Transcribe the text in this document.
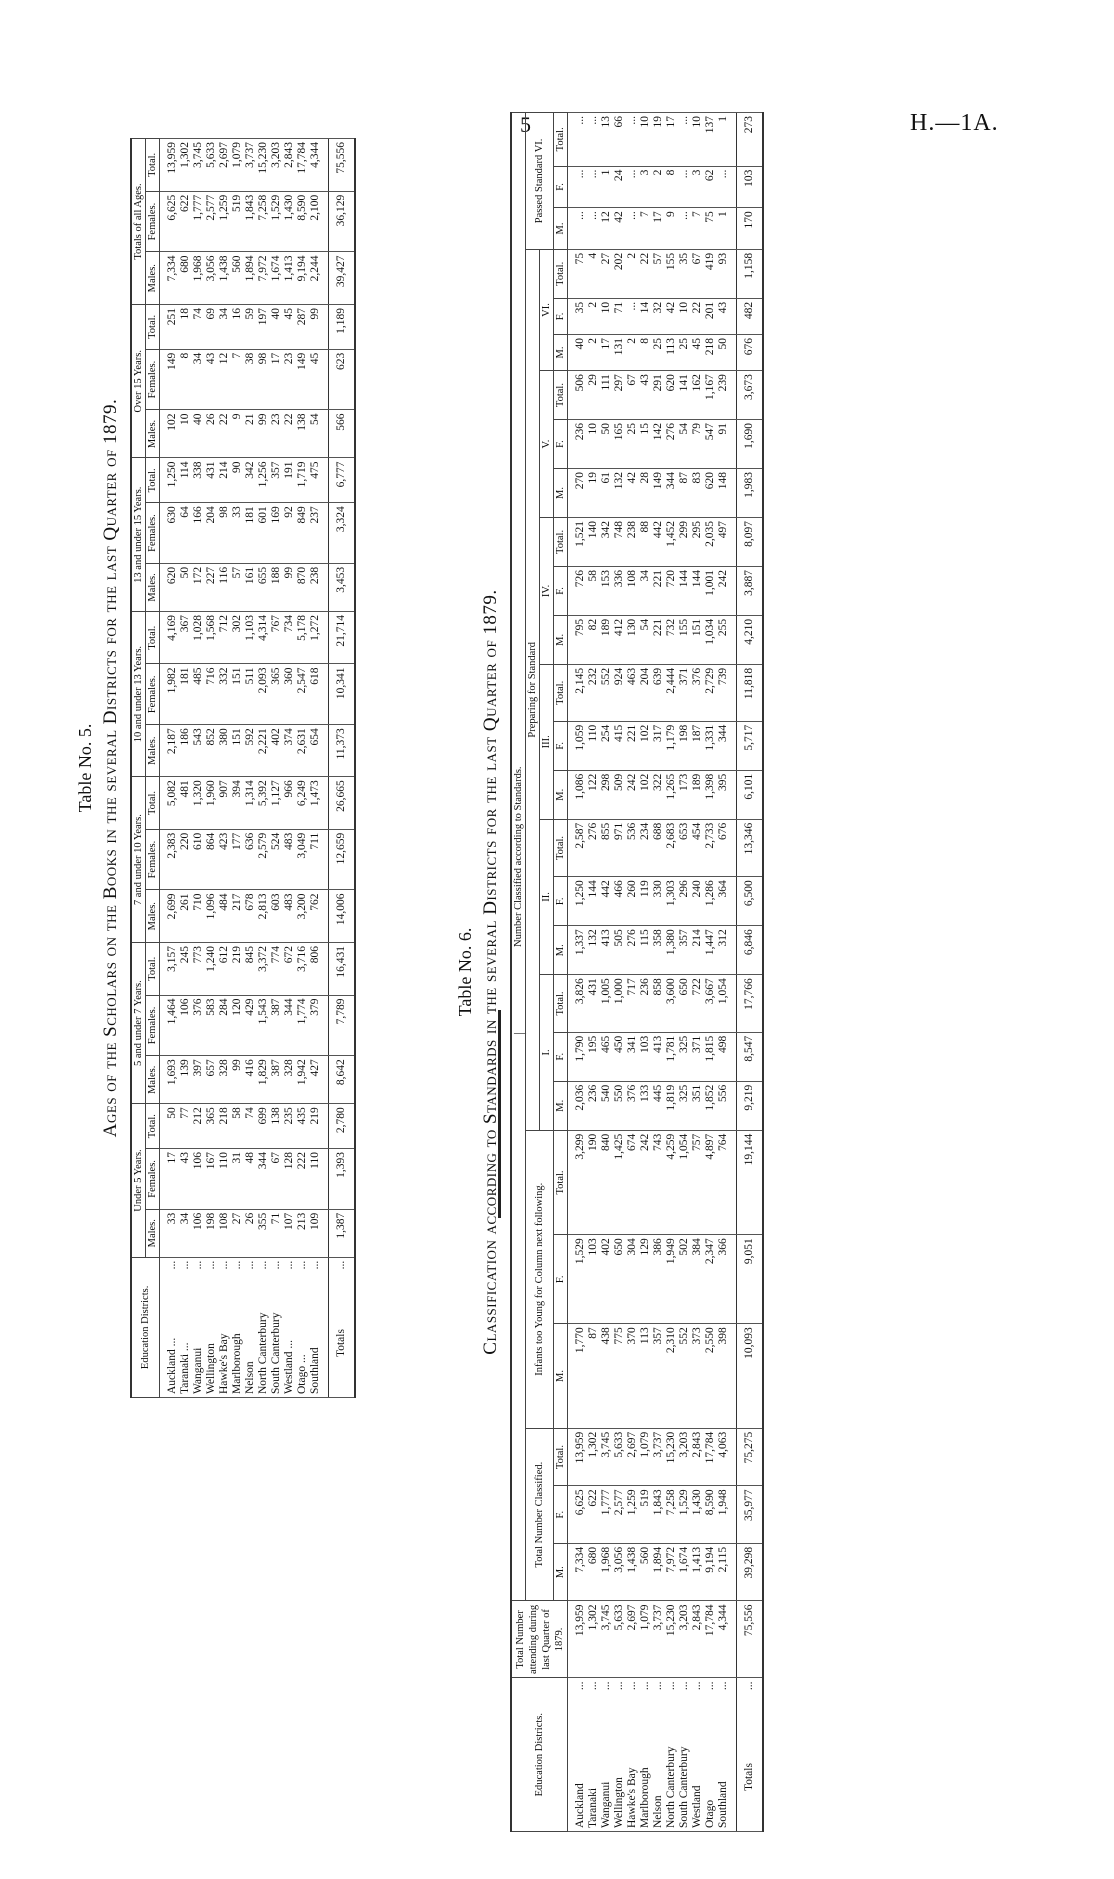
5	H.—1A.
Table No. 5. Ages of the Scholars on the Books in the several Districts for the last Quarter of 1879.
Education Districts.		Under 5 Years.			5 and under 7 Years.			7 and under 10 Years.			10 and under 13 Years.			13 and under 15 Years.			Over 15 Years.			Totals of all Ages.		
		Males.	Females.	Total.	Males.	Females.	Total.	Males.	Females.	Total.	Males.	Females.	Total.	Males.	Females.	Total.	Males.	Females.	Total.	Males.	Females.	Total.
Auckland ...	...	33	17	50	1,693	1,464	3,157	2,699	2,383	5,082	2,187	1,982	4,169	620	630	1,250	102	149	251	7,334	6,625	13,959
Taranaki ...	...	34	43	77	139	106	245	261	220	481	186	181	367	50	64	114	10	8	18	680	622	1,302
Wanganui	...	106	106	212	397	376	773	710	610	1,320	543	485	1,028	172	166	338	40	34	74	1,968	1,777	3,745
Wellington	...	198	167	365	657	583	1,240	1,096	864	1,960	852	716	1,568	227	204	431	26	43	69	3,056	2,577	5,633
Hawke's Bay	...	108	110	218	328	284	612	484	423	907	380	332	712	116	98	214	22	12	34	1,438	1,259	2,697
Marlborough	...	27	31	58	99	120	219	217	177	394	151	151	302	57	33	90	9	7	16	560	519	1,079
Nelson	...	26	48	74	416	429	845	678	636	1,314	592	511	1,103	161	181	342	21	38	59	1,894	1,843	3,737
North Canterbury	...	355	344	699	1,829	1,543	3,372	2,813	2,579	5,392	2,221	2,093	4,314	655	601	1,256	99	98	197	7,972	7,258	15,230
South Canterbury	...	71	67	138	387	387	774	603	524	1,127	402	365	767	188	169	357	23	17	40	1,674	1,529	3,203
Westland ...	...	107	128	235	328	344	672	483	483	966	374	360	734	99	92	191	22	23	45	1,413	1,430	2,843
Otago ...	...	213	222	435	1,942	1,774	3,716	3,200	3,049	6,249	2,631	2,547	5,178	870	849	1,719	138	149	287	9,194	8,590	17,784
Southland	...	109	110	219	427	379	806	762	711	1,473	654	618	1,272	238	237	475	54	45	99	2,244	2,100	4,344
Totals	...	1,387	1,393	2,780	8,642	7,789	16,431	14,006	12,659	26,665	11,373	10,341	21,714	3,453	3,324	6,777	566	623	1,189	39,427	36,129	75,556
—
Table No. 6. Classification according to Standards in the several Districts for the last Quarter of 1879.
Education Districts.		Total Number attending during last Quarter of 1879.	Number Classified according to Standards.																										
			Total Number Classified.			Infants too Young for Column next following.			Preparing for Standard																		Passed Standard VI.		
									I.			II.			III.			IV.			V.			VI.					
			M.	F.	Total.	M.	F.	Total.	M.	F.	Total.	M.	F.	Total.	M.	F.	Total.	M.	F.	Total.	M.	F.	Total.	M.	F.	Total.	M.	F.	Total.
Auckland	...	13,959	7,334	6,625	13,959	1,770	1,529	3,299	2,036	1,790	3,826	1,337	1,250	2,587	1,086	1,059	2,145	795	726	1,521	270	236	506	40	35	75	...	...	...
Taranaki	...	1,302	680	622	1,302	87	103	190	236	195	431	132	144	276	122	110	232	82	58	140	19	10	29	2	2	4	...	...	...
Wanganui	...	3,745	1,968	1,777	3,745	438	402	840	540	465	1,005	413	442	855	298	254	552	189	153	342	61	50	111	17	10	27	12	1	13
Wellington	...	5,633	3,056	2,577	5,633	775	650	1,425	550	450	1,000	505	466	971	509	415	924	412	336	748	132	165	297	131	71	202	42	24	66
Hawke's Bay	...	2,697	1,438	1,259	2,697	370	304	674	376	341	717	276	260	536	242	221	463	130	108	238	42	25	67	2	...	2	...	...	...
Marlborough	...	1,079	560	519	1,079	113	129	242	133	103	236	115	119	234	102	102	204	54	34	88	28	15	43	8	14	22	7	3	10
Nelson	...	3,737	1,894	1,843	3,737	357	386	743	445	413	858	358	330	688	322	317	639	221	221	442	149	142	291	25	32	57	17	2	19
North Canterbury	...	15,230	7,972	7,258	15,230	2,310	1,949	4,259	1,819	1,781	3,600	1,380	1,303	2,683	1,265	1,179	2,444	732	720	1,452	344	276	620	113	42	155	9	8	17
South Canterbury	...	3,203	1,674	1,529	3,203	552	502	1,054	325	325	650	357	296	653	173	198	371	155	144	299	87	54	141	25	10	35	...	...	...
Westland	...	2,843	1,413	1,430	2,843	373	384	757	351	371	722	214	240	454	189	187	376	151	144	295	83	79	162	45	22	67	7	3	10
Otago	...	17,784	9,194	8,590	17,784	2,550	2,347	4,897	1,852	1,815	3,667	1,447	1,286	2,733	1,398	1,331	2,729	1,034	1,001	2,035	620	547	1,167	218	201	419	75	62	137
Southland	...	4,344	2,115	1,948	4,063	398	366	764	556	498	1,054	312	364	676	395	344	739	255	242	497	148	91	239	50	43	93	1	...	1
Totals	...	75,556	39,298	35,977	75,275	10,093	9,051	19,144	9,219	8,547	17,766	6,846	6,500	13,346	6,101	5,717	11,818	4,210	3,887	8,097	1,983	1,690	3,673	676	482	1,158	170	103	273
